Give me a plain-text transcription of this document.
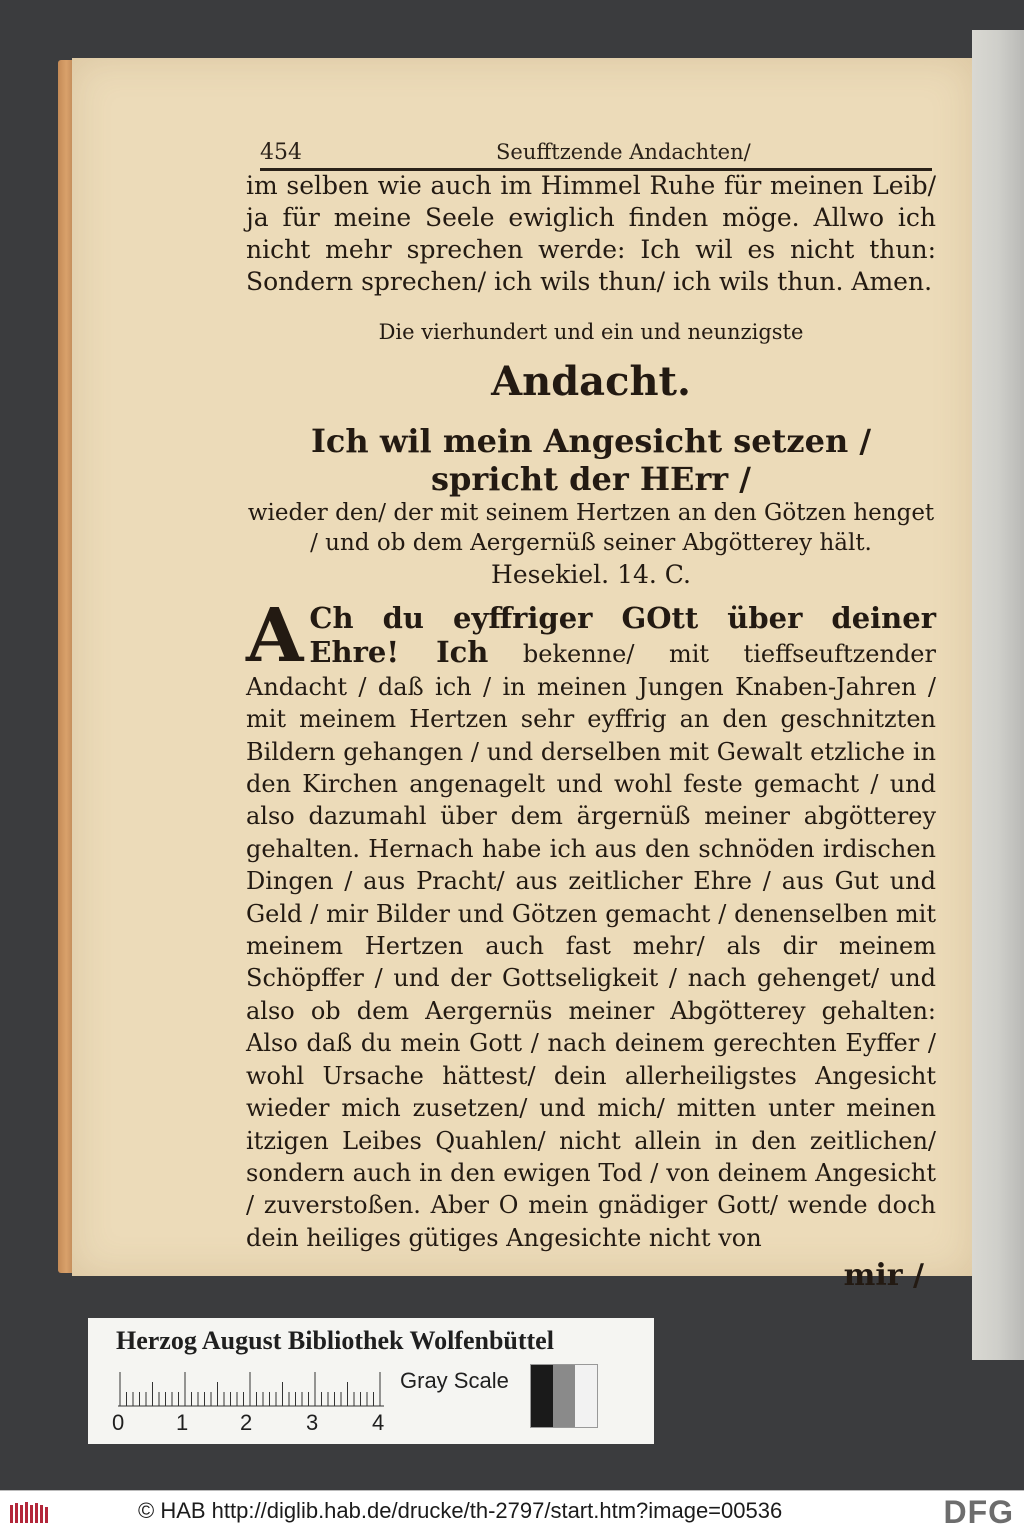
454	Seufftzende Andachten/

im selben wie auch im Himmel Ruhe für meinen Leib/ ja für meine Seele ewiglich finden möge. Allwo ich nicht mehr sprechen werde: Ich wil es nicht thun: Sondern sprechen/ ich wils thun/ ich wils thun. Amen.

Die vierhundert und ein und neunzigste

Andacht.

Ich wil mein Angesicht setzen / spricht der HErr /
wieder den/ der mit seinem Hertzen an den Götzen henget / und ob dem Aergernüß seiner Abgötterey hält.
Hesekiel. 14. C.

A Ch du eyffriger GOtt über deiner Ehre! Ich bekenne/ mit tieffseuftzender Andacht / daß ich / in meinen Jungen Knaben-Jahren / mit meinem Hertzen sehr eyffrig an den geschnitzten Bildern gehangen / und derselben mit Gewalt etzliche in den Kirchen angenagelt und wohl feste gemacht / und also dazumahl über dem ärgernüß meiner abgötterey gehalten. Hernach habe ich aus den schnöden irdischen Dingen / aus Pracht/ aus zeitlicher Ehre / aus Gut und Geld / mir Bilder und Götzen gemacht / denenselben mit meinem Hertzen auch fast mehr/ als dir meinem Schöpffer / und der Gottseligkeit / nach gehenget/ und also ob dem Aergernüs meiner Abgötterey gehalten: Also daß du mein Gott / nach deinem gerechten Eyffer / wohl Ursache hättest/ dein allerheiligstes Angesicht wieder mich zusetzen/ und mich/ mitten unter meinen itzigen Leibes Quahlen/ nicht allein in den zeitlichen/ sondern auch in den ewigen Tod / von deinem Angesicht / zuverstoßen. Aber O mein gnädiger Gott/ wende doch dein heiliges gütiges Angesichte nicht von

mir /

Herzog August Bibliothek Wolfenbüttel
0 1 2 3 4
Gray Scale
© HAB http://diglib.hab.de/drucke/th-2797/start.htm?image=00536	DFG
